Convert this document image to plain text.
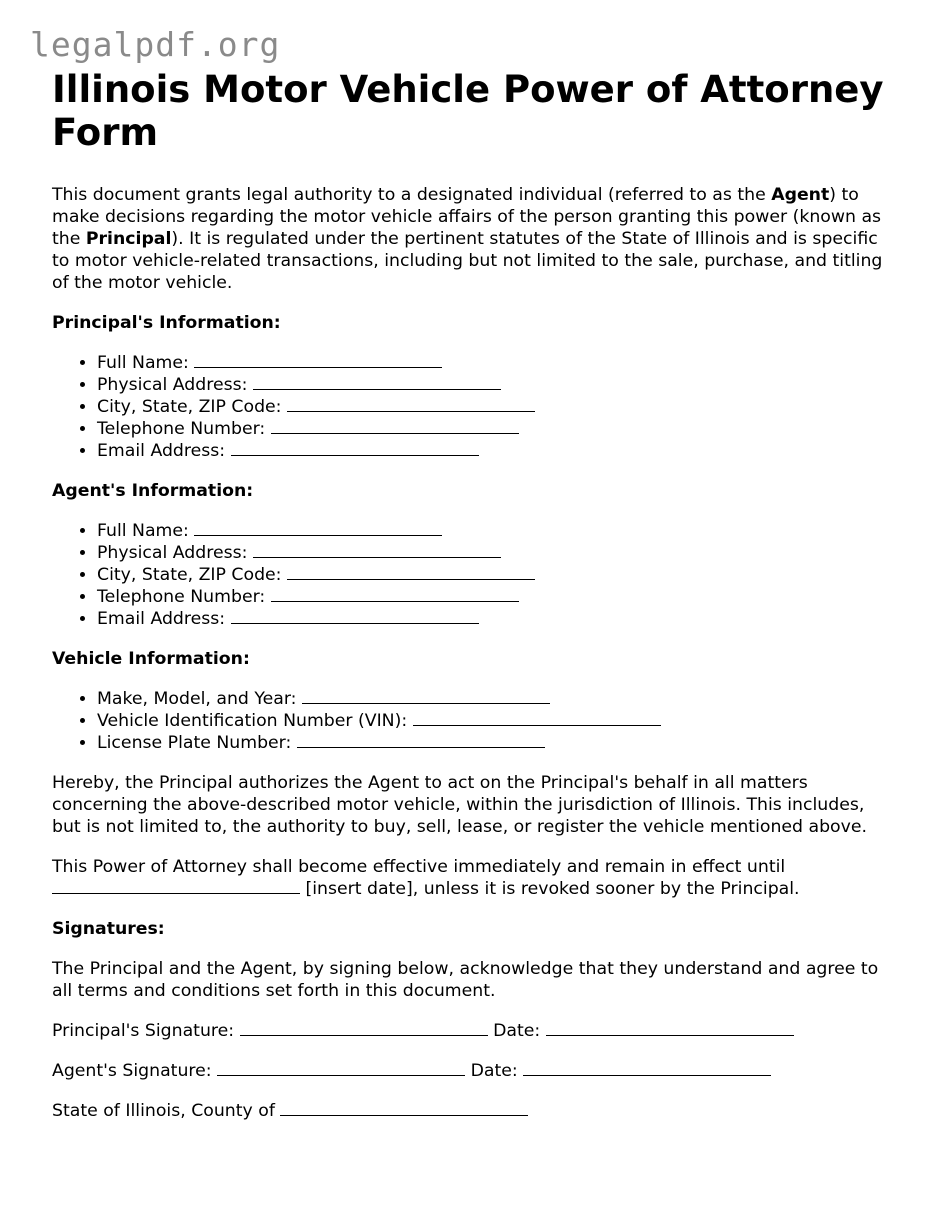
legalpdf.org
Illinois Motor Vehicle Power of Attorney Form

This document grants legal authority to a designated individual (referred to as the Agent) to make decisions regarding the motor vehicle affairs of the person granting this power (known as the Principal). It is regulated under the pertinent statutes of the State of Illinois and is specific to motor vehicle-related transactions, including but not limited to the sale, purchase, and titling of the motor vehicle.

Principal's Information:
• Full Name:
• Physical Address:
• City, State, ZIP Code:
• Telephone Number:
• Email Address:
Agent's Information:
• Full Name:
• Physical Address:
• City, State, ZIP Code:
• Telephone Number:
• Email Address:
Vehicle Information:
• Make, Model, and Year:
• Vehicle Identification Number (VIN):
• License Plate Number:

Hereby, the Principal authorizes the Agent to act on the Principal's behalf in all matters concerning the above-described motor vehicle, within the jurisdiction of Illinois. This includes, but is not limited to, the authority to buy, sell, lease, or register the vehicle mentioned above.

This Power of Attorney shall become effective immediately and remain in effect until  [insert date], unless it is revoked sooner by the Principal.

Signatures:

The Principal and the Agent, by signing below, acknowledge that they understand and agree to all terms and conditions set forth in this document.

Principal's Signature:	Date:

Agent's Signature:	Date:

State of Illinois, County of
